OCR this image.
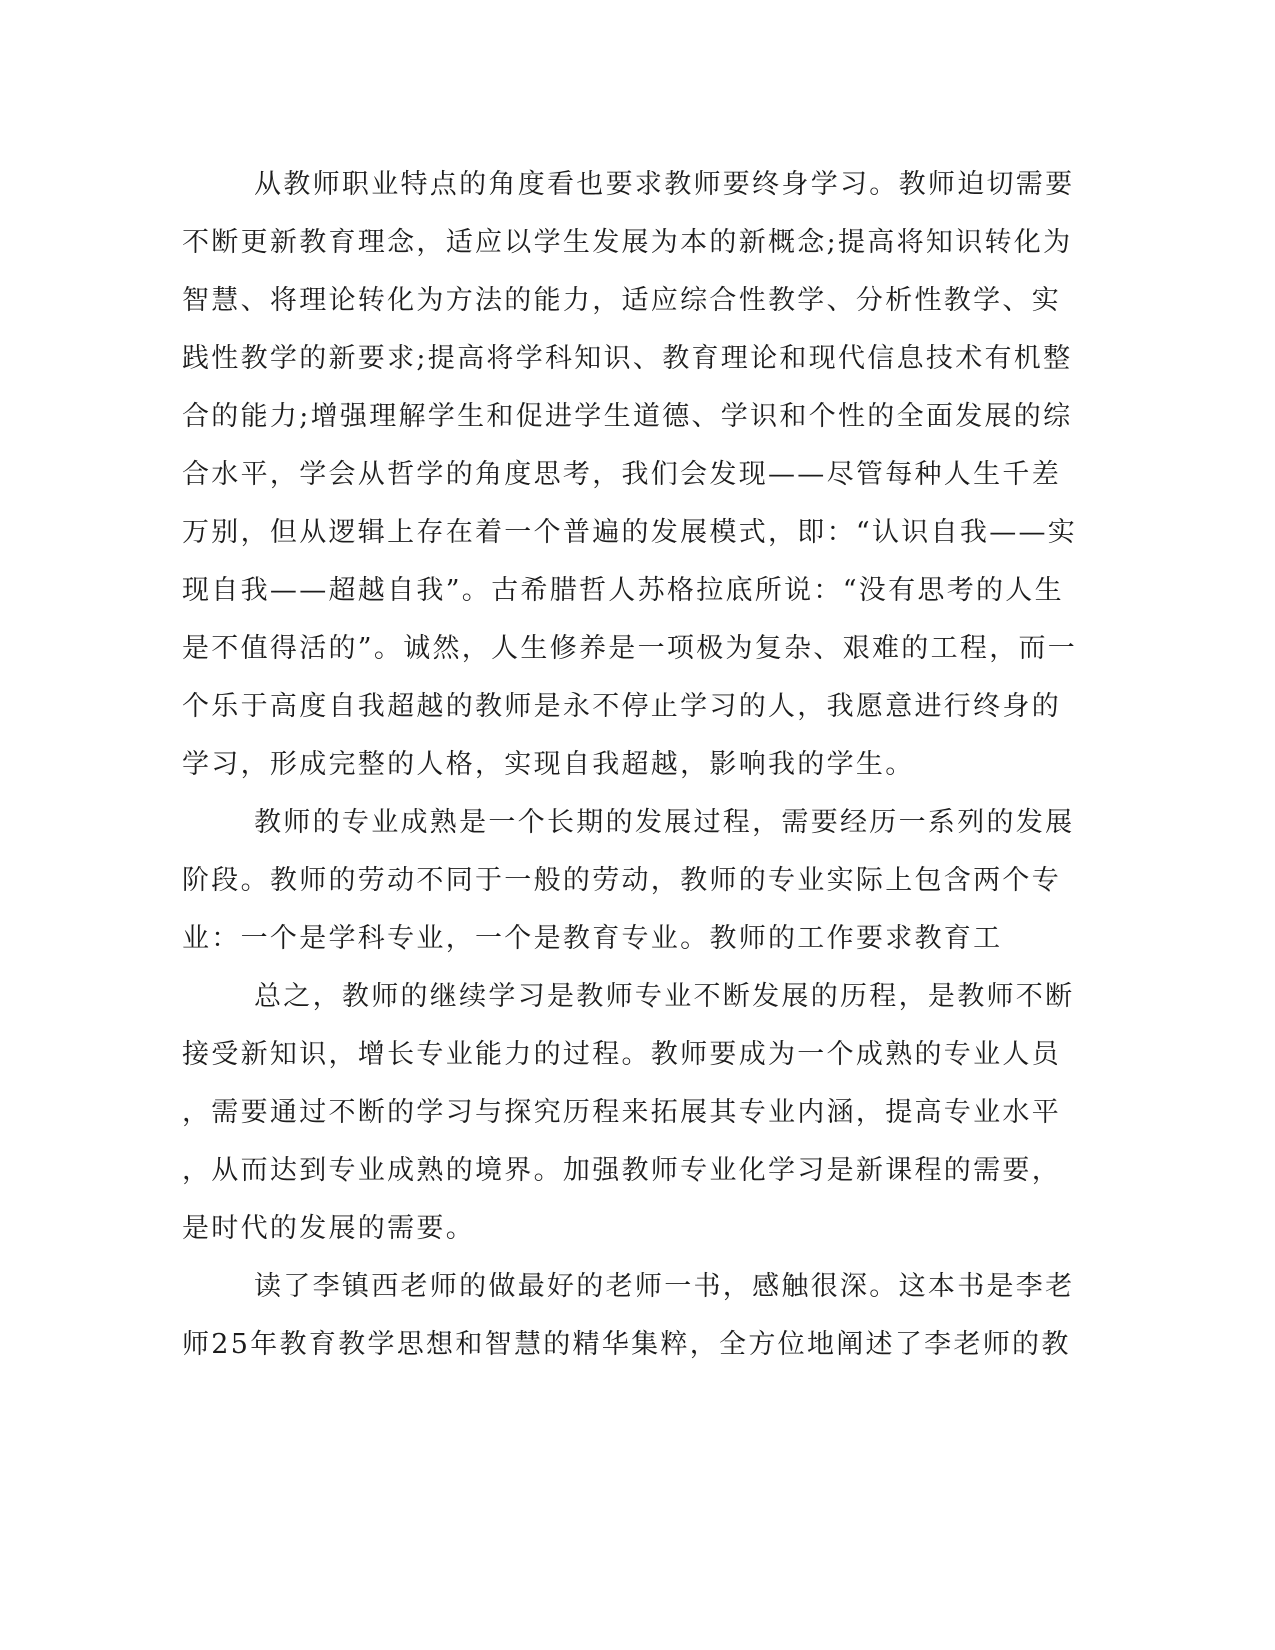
从教师职业特点的角度看也要求教师要终身学习。教师迫切需要
不断更新教育理念，适应以学生发展为本的新概念;提高将知识转化为
智慧、将理论转化为方法的能力，适应综合性教学、分析性教学、实
践性教学的新要求;提高将学科知识、教育理论和现代信息技术有机整
合的能力;增强理解学生和促进学生道德、学识和个性的全面发展的综
合水平，学会从哲学的角度思考，我们会发现——尽管每种人生千差
万别，但从逻辑上存在着一个普遍的发展模式，即：“认识自我——实
现自我——超越自我”。古希腊哲人苏格拉底所说：“没有思考的人生
是不值得活的”。诚然，人生修养是一项极为复杂、艰难的工程，而一
个乐于高度自我超越的教师是永不停止学习的人，我愿意进行终身的
学习，形成完整的人格，实现自我超越，影响我的学生。

教师的专业成熟是一个长期的发展过程，需要经历一系列的发展
阶段。教师的劳动不同于一般的劳动，教师的专业实际上包含两个专
业：一个是学科专业，一个是教育专业。教师的工作要求教育工

总之，教师的继续学习是教师专业不断发展的历程，是教师不断
接受新知识，增长专业能力的过程。教师要成为一个成熟的专业人员
，需要通过不断的学习与探究历程来拓展其专业内涵，提高专业水平
，从而达到专业成熟的境界。加强教师专业化学习是新课程的需要，
是时代的发展的需要。

读了李镇西老师的做最好的老师一书，感触很深。这本书是李老
师25年教育教学思想和智慧的精华集粹，全方位地阐述了李老师的教
